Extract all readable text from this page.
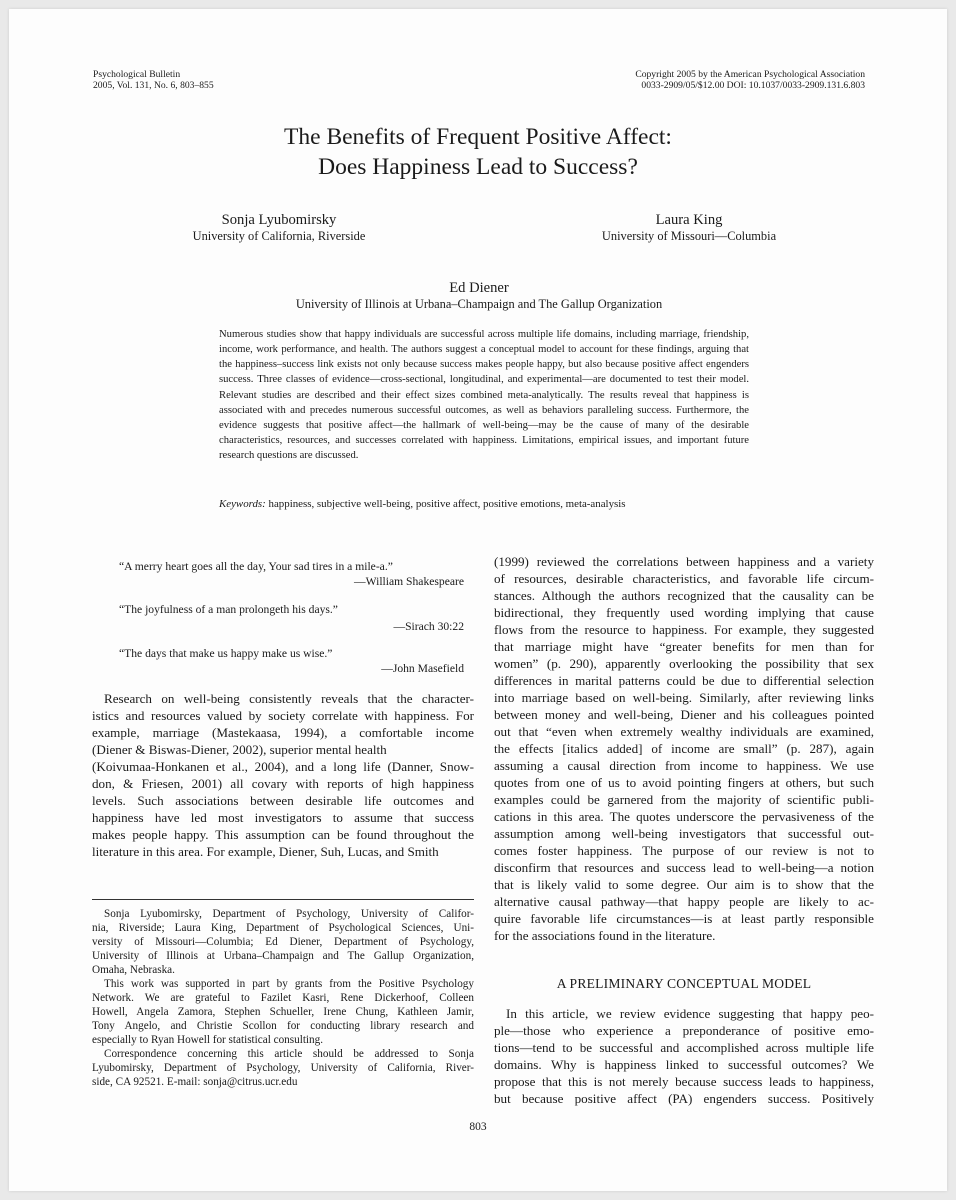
Psychological Bulletin
2005, Vol. 131, No. 6, 803–855
Copyright 2005 by the American Psychological Association
0033-2909/05/$12.00 DOI: 10.1037/0033-2909.131.6.803
The Benefits of Frequent Positive Affect:
Does Happiness Lead to Success?
Sonja Lyubomirsky
University of California, Riverside
Laura King
University of Missouri—Columbia
Ed Diener
University of Illinois at Urbana–Champaign and The Gallup Organization
Numerous studies show that happy individuals are successful across multiple life domains, including marriage, friendship, income, work performance, and health. The authors suggest a conceptual model to account for these findings, arguing that the happiness–success link exists not only because success makes people happy, but also because positive affect engenders success. Three classes of evidence—cross-sectional, longitudinal, and experimental—are documented to test their model. Relevant studies are described and their effect sizes combined meta-analytically. The results reveal that happiness is associated with and precedes numerous successful outcomes, as well as behaviors paralleling success. Furthermore, the evidence suggests that positive affect—the hallmark of well-being—may be the cause of many of the desirable characteristics, resources, and successes correlated with happiness. Limitations, empirical issues, and important future research questions are discussed.
Keywords: happiness, subjective well-being, positive affect, positive emotions, meta-analysis
“A merry heart goes all the day, Your sad tires in a mile-a.”
—William Shakespeare
“The joyfulness of a man prolongeth his days.”
—Sirach 30:22
“The days that make us happy make us wise.”
—John Masefield
Research on well-being consistently reveals that the character-
istics and resources valued by society correlate with happiness. For
example, marriage (Mastekaasa, 1994), a comfortable income
(Diener & Biswas-Diener, 2002), superior mental health
(Koivumaa-Honkanen et al., 2004), and a long life (Danner, Snow-
don, & Friesen, 2001) all covary with reports of high happiness
levels. Such associations between desirable life outcomes and
happiness have led most investigators to assume that success
makes people happy. This assumption can be found throughout the
literature in this area. For example, Diener, Suh, Lucas, and Smith
Sonja Lyubomirsky, Department of Psychology, University of Califor-
nia, Riverside; Laura King, Department of Psychological Sciences, Uni-
versity of Missouri—Columbia; Ed Diener, Department of Psychology,
University of Illinois at Urbana–Champaign and The Gallup Organization,
Omaha, Nebraska.
This work was supported in part by grants from the Positive Psychology
Network. We are grateful to Fazilet Kasri, Rene Dickerhoof, Colleen
Howell, Angela Zamora, Stephen Schueller, Irene Chung, Kathleen Jamir,
Tony Angelo, and Christie Scollon for conducting library research and
especially to Ryan Howell for statistical consulting.
Correspondence concerning this article should be addressed to Sonja
Lyubomirsky, Department of Psychology, University of California, River-
side, CA 92521. E-mail: sonja@citrus.ucr.edu
(1999) reviewed the correlations between happiness and a variety
of resources, desirable characteristics, and favorable life circum-
stances. Although the authors recognized that the causality can be
bidirectional, they frequently used wording implying that cause
flows from the resource to happiness. For example, they suggested
that marriage might have “greater benefits for men than for
women” (p. 290), apparently overlooking the possibility that sex
differences in marital patterns could be due to differential selection
into marriage based on well-being. Similarly, after reviewing links
between money and well-being, Diener and his colleagues pointed
out that “even when extremely wealthy individuals are examined,
the effects [italics added] of income are small” (p. 287), again
assuming a causal direction from income to happiness. We use
quotes from one of us to avoid pointing fingers at others, but such
examples could be garnered from the majority of scientific publi-
cations in this area. The quotes underscore the pervasiveness of the
assumption among well-being investigators that successful out-
comes foster happiness. The purpose of our review is not to
disconfirm that resources and success lead to well-being—a notion
that is likely valid to some degree. Our aim is to show that the
alternative causal pathway—that happy people are likely to ac-
quire favorable life circumstances—is at least partly responsible
for the associations found in the literature.
A PRELIMINARY CONCEPTUAL MODEL
In this article, we review evidence suggesting that happy peo-
ple—those who experience a preponderance of positive emo-
tions—tend to be successful and accomplished across multiple life
domains. Why is happiness linked to successful outcomes? We
propose that this is not merely because success leads to happiness,
but because positive affect (PA) engenders success. Positively
803
